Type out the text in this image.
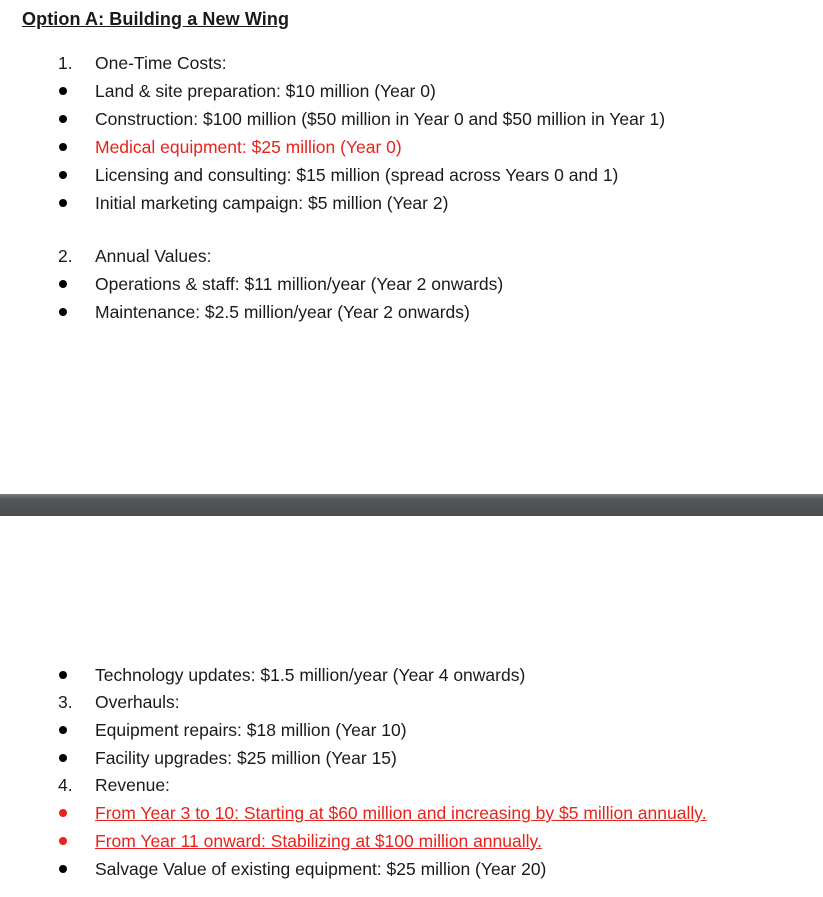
Option A: Building a New Wing
1.	One-Time Costs:
Land & site preparation: $10 million (Year 0)
Construction: $100 million ($50 million in Year 0 and $50 million in Year 1)
Medical equipment: $25 million (Year 0)
Licensing and consulting: $15 million (spread across Years 0 and 1)
Initial marketing campaign: $5 million (Year 2)
2.	Annual Values:
Operations & staff: $11 million/year (Year 2 onwards)
Maintenance: $2.5 million/year (Year 2 onwards)
Technology updates: $1.5 million/year (Year 4 onwards)
3.	Overhauls:
Equipment repairs: $18 million (Year 10)
Facility upgrades: $25 million (Year 15)
4.	Revenue:
From Year 3 to 10: Starting at $60 million and increasing by $5 million annually.
From Year 11 onward: Stabilizing at $100 million annually.
Salvage Value of existing equipment: $25 million (Year 20)
